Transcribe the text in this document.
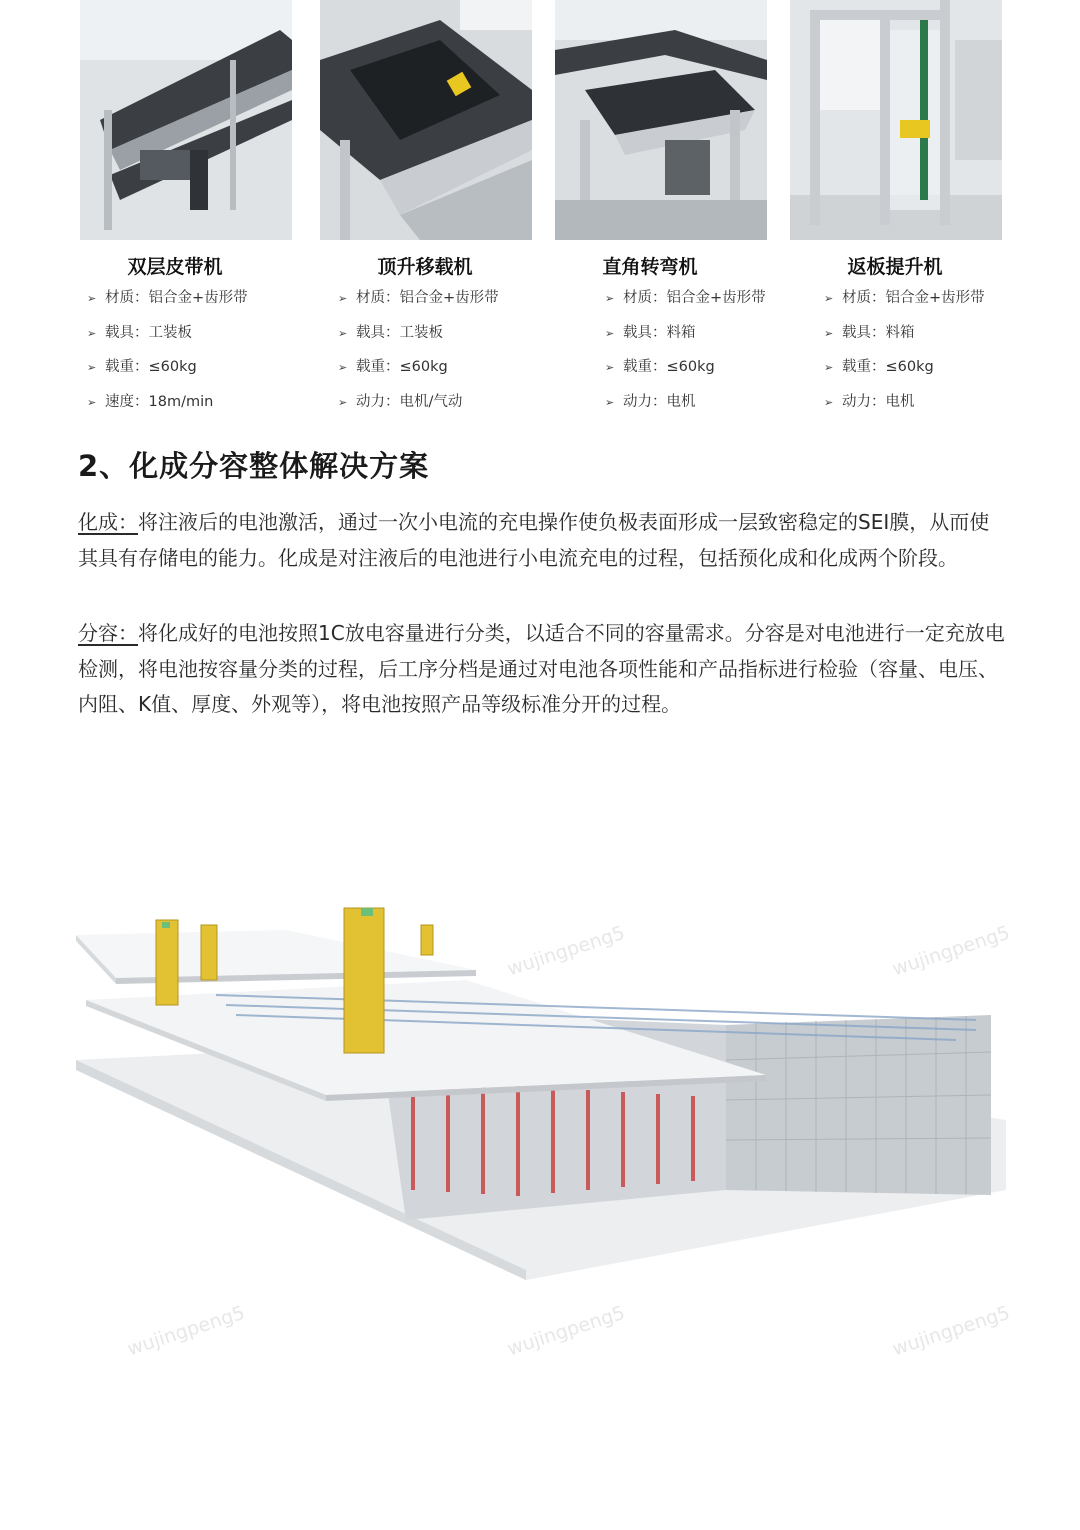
双层皮带机	顶升移载机	直角转弯机	返板提升机
➢ 材质：铝合金+齿形带
➢ 载具：工装板
➢ 载重：≤60kg
➢ 速度：18m/min
➢ 材质：铝合金+齿形带
➢ 载具：工装板
➢ 载重：≤60kg
➢ 动力：电机/气动
➢ 材质：铝合金+齿形带
➢ 载具：料箱
➢ 载重：≤60kg
➢ 动力：电机
➢ 材质：铝合金+齿形带
➢ 载具：料箱
➢ 载重：≤60kg
➢ 动力：电机
2、化成分容整体解决方案

化成：将注液后的电池激活，通过一次小电流的充电操作使负极表面形成一层致密稳定的SEI膜，从而使其具有存储电的能力。化成是对注液后的电池进行小电流充电的过程，包括预化成和化成两个阶段。

分容：将化成好的电池按照1C放电容量进行分类，以适合不同的容量需求。分容是对电池进行一定充放电检测，将电池按容量分类的过程，后工序分档是通过对电池各项性能和产品指标进行检验（容量、电压、内阻、K值、厚度、外观等），将电池按照产品等级标准分开的过程。

wujingpeng5	wujingpeng5
wujingpeng5	wujingpeng5	wujingpeng5
